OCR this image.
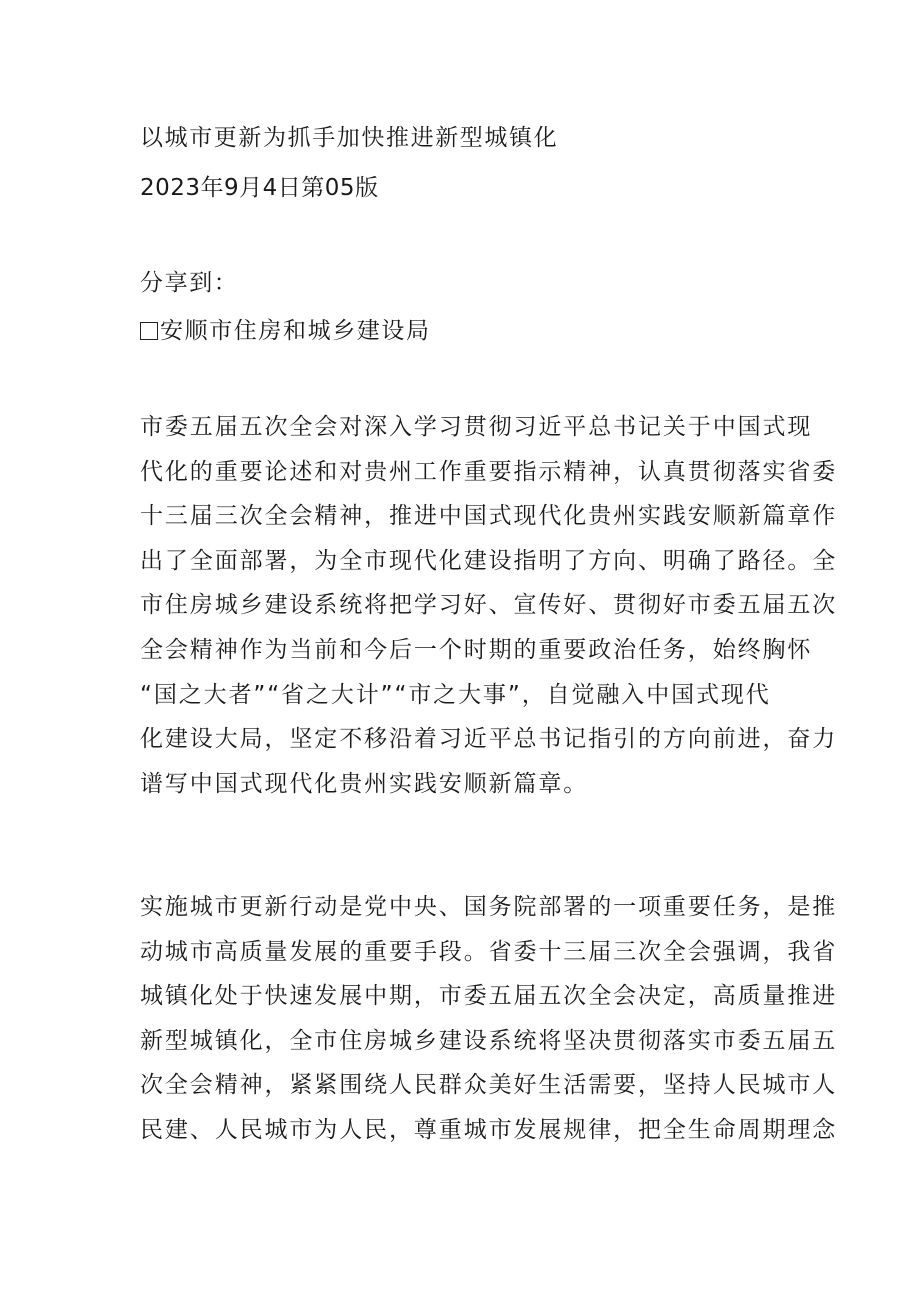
以城市更新为抓手加快推进新型城镇化
2023年9月4日第05版
分享到：
安顺市住房和城乡建设局
市委五届五次全会对深入学习贯彻习近平总书记关于中国式现
代化的重要论述和对贵州工作重要指示精神，认真贯彻落实省委
十三届三次全会精神，推进中国式现代化贵州实践安顺新篇章作
出了全面部署，为全市现代化建设指明了方向、明确了路径。全
市住房城乡建设系统将把学习好、宣传好、贯彻好市委五届五次
全会精神作为当前和今后一个时期的重要政治任务，始终胸怀
“国之大者”“省之大计”“市之大事”，自觉融入中国式现代
化建设大局，坚定不移沿着习近平总书记指引的方向前进，奋力
谱写中国式现代化贵州实践安顺新篇章。
实施城市更新行动是党中央、国务院部署的一项重要任务，是推
动城市高质量发展的重要手段。省委十三届三次全会强调，我省
城镇化处于快速发展中期，市委五届五次全会决定，高质量推进
新型城镇化，全市住房城乡建设系统将坚决贯彻落实市委五届五
次全会精神，紧紧围绕人民群众美好生活需要，坚持人民城市人
民建、人民城市为人民，尊重城市发展规律，把全生命周期理念
